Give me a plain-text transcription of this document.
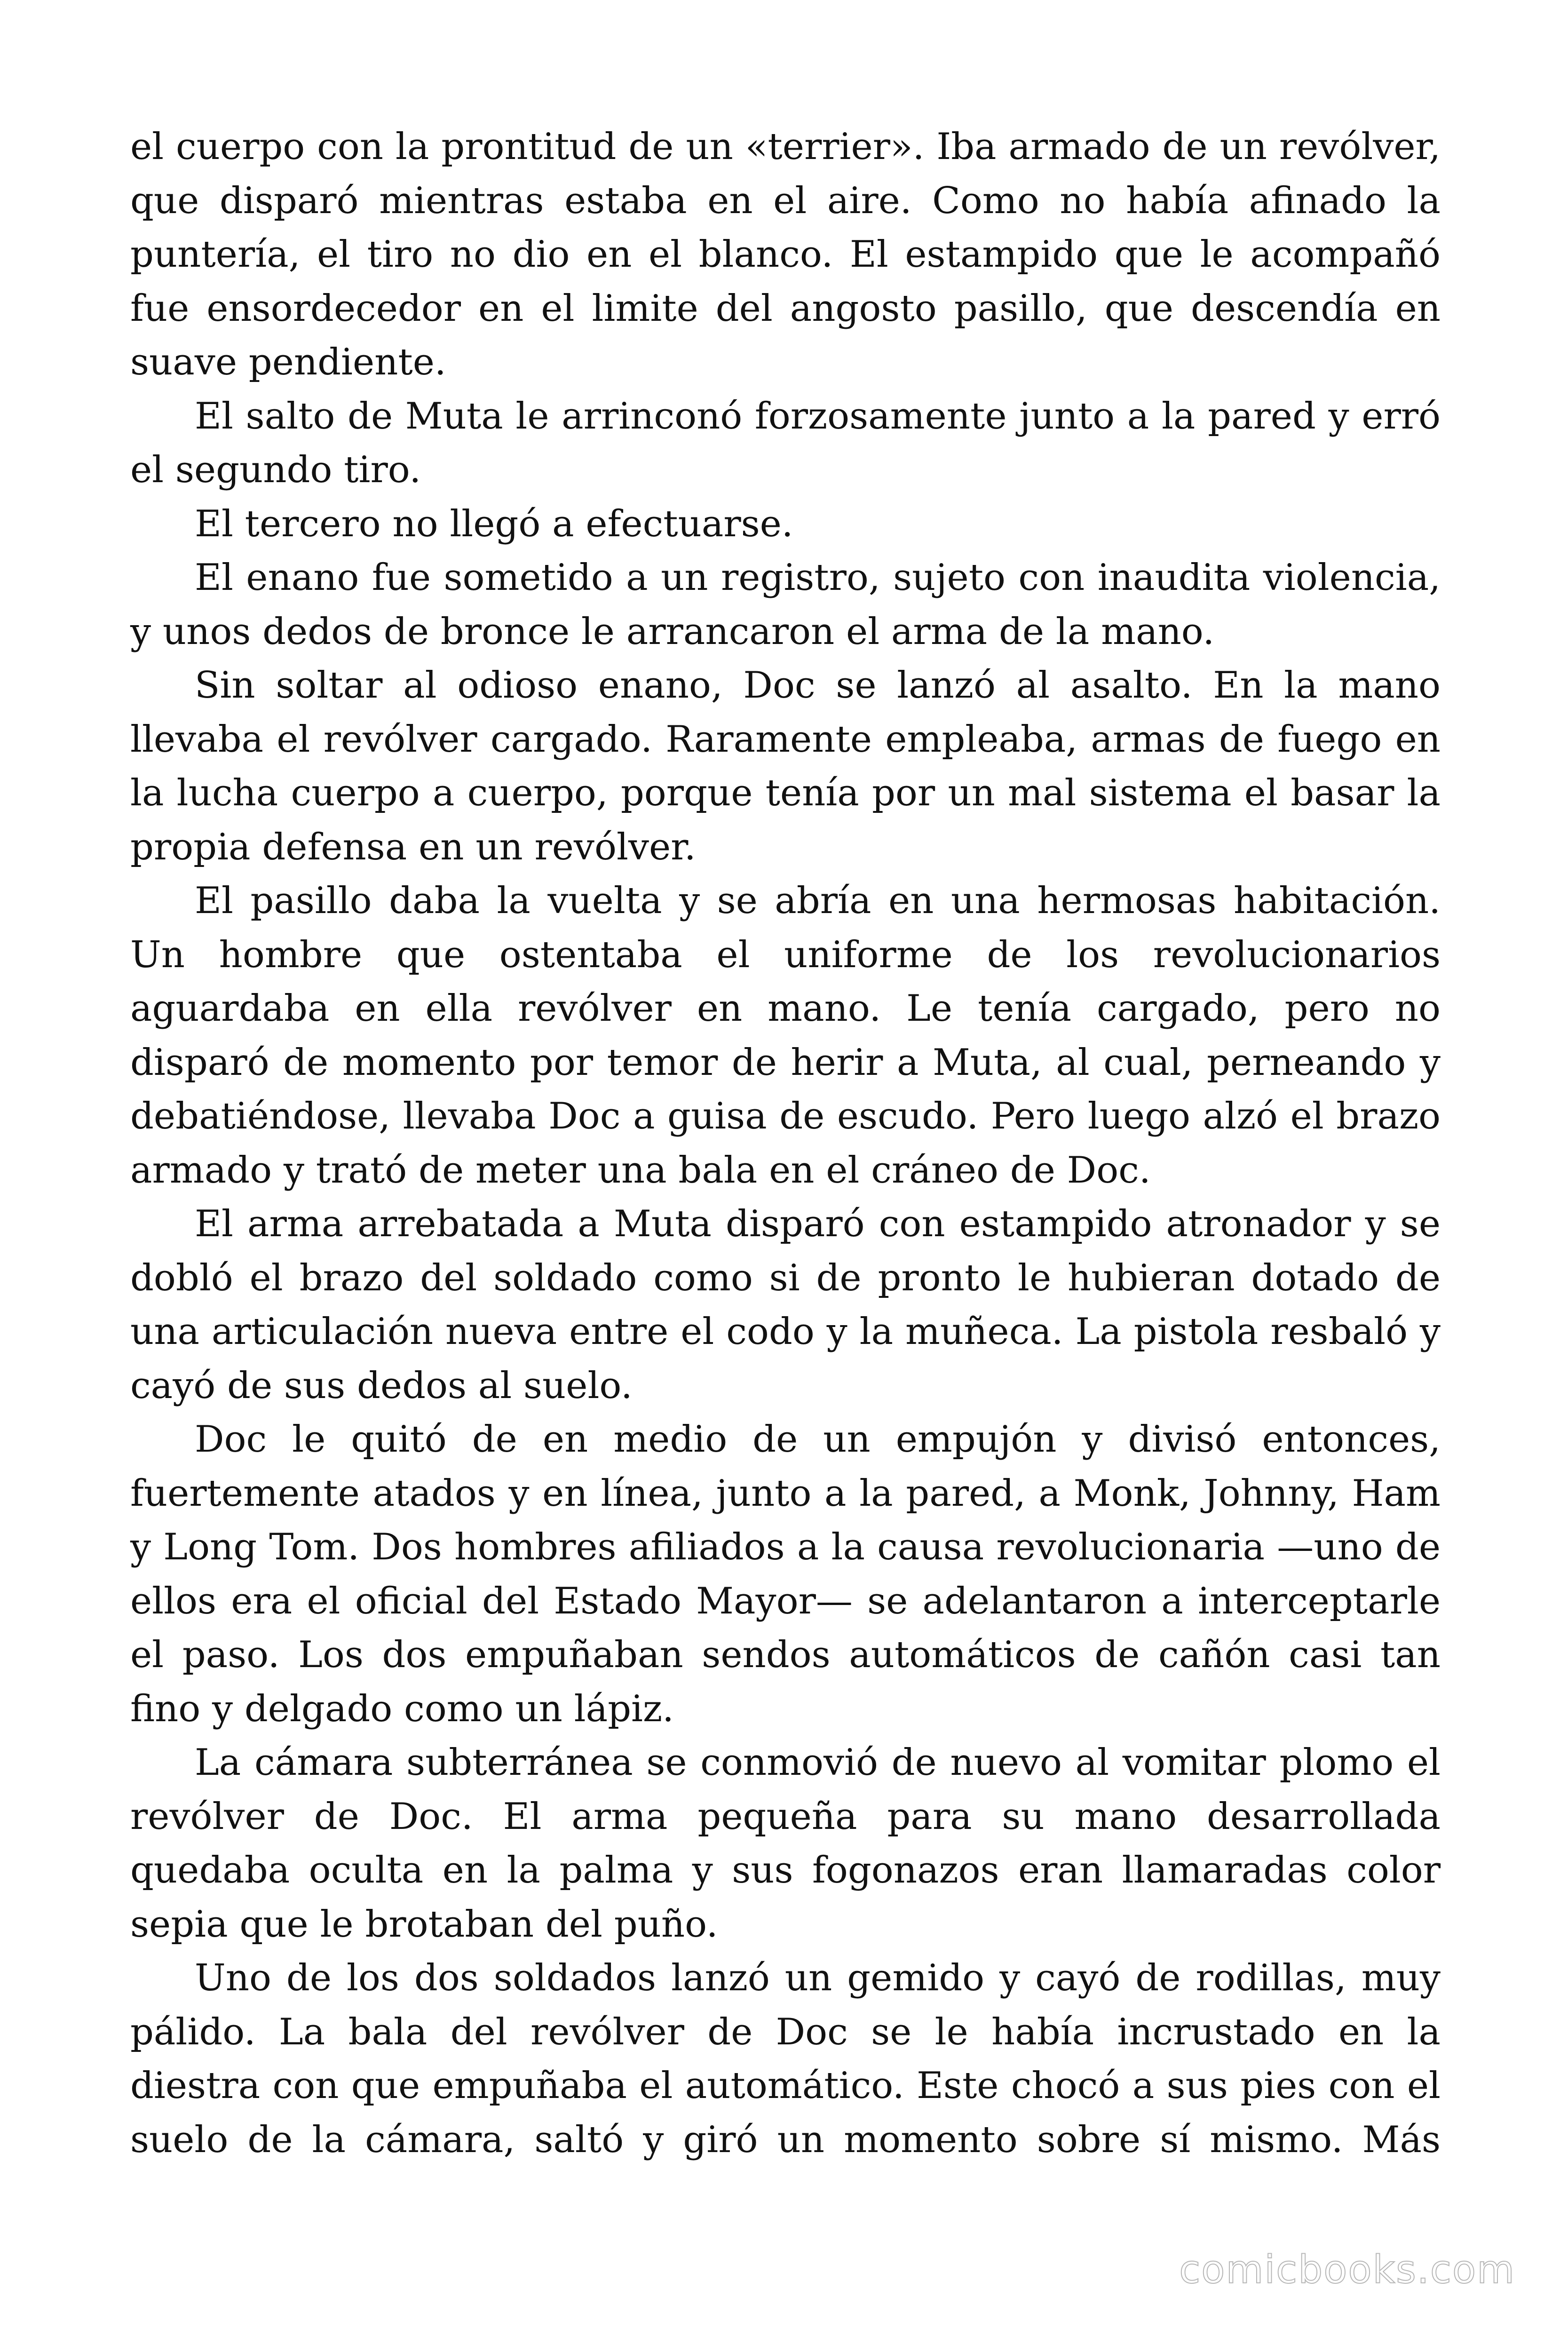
el cuerpo con la prontitud de un «terrier». Iba armado de un revólver, que disparó mientras estaba en el aire. Como no había afinado la puntería, el tiro no dio en el blanco. El estampido que le acompañó fue ensordecedor en el limite del angosto pasillo, que descendía en suave pendiente.

El salto de Muta le arrinconó forzosamente junto a la pared y erró el segundo tiro.

El tercero no llegó a efectuarse.

El enano fue sometido a un registro, sujeto con inaudita violencia, y unos dedos de bronce le arrancaron el arma de la mano.

Sin soltar al odioso enano, Doc se lanzó al asalto. En la mano llevaba el revólver cargado. Raramente empleaba, armas de fuego en la lucha cuerpo a cuerpo, porque tenía por un mal sistema el basar la propia defensa en un revólver.

El pasillo daba la vuelta y se abría en una hermosas habitación. Un hombre que ostentaba el uniforme de los revolucionarios aguardaba en ella revólver en mano. Le tenía cargado, pero no disparó de momento por temor de herir a Muta, al cual, perneando y debatiéndose, llevaba Doc a guisa de escudo. Pero luego alzó el brazo armado y trató de meter una bala en el cráneo de Doc.

El arma arrebatada a Muta disparó con estampido atronador y se dobló el brazo del soldado como si de pronto le hubieran dotado de una articulación nueva entre el codo y la muñeca. La pistola resbaló y cayó de sus dedos al suelo.

Doc le quitó de en medio de un empujón y divisó entonces, fuertemente atados y en línea, junto a la pared, a Monk, Johnny, Ham y Long Tom. Dos hombres afiliados a la causa revolucionaria —uno de ellos era el oficial del Estado Mayor— se adelantaron a interceptarle el paso. Los dos empuñaban sendos automáticos de cañón casi tan fino y delgado como un lápiz.

La cámara subterránea se conmovió de nuevo al vomitar plomo el revólver de Doc. El arma pequeña para su mano desarrollada quedaba oculta en la palma y sus fogonazos eran llamaradas color sepia que le brotaban del puño.

Uno de los dos soldados lanzó un gemido y cayó de rodillas, muy pálido. La bala del revólver de Doc se le había incrustado en la diestra con que empuñaba el automático. Este chocó a sus pies con el suelo de la cámara, saltó y giró un momento sobre sí mismo. Más

comicbooks.com
